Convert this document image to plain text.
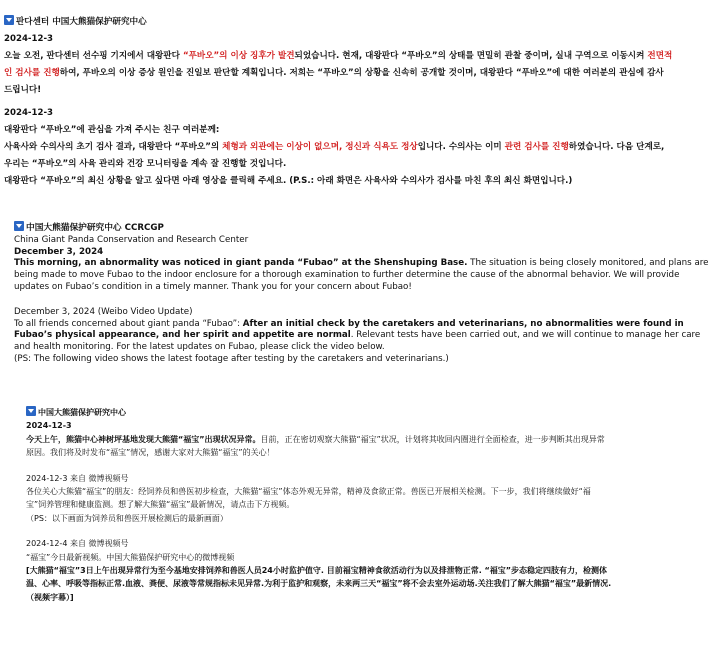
판다센터 中国大熊猫保护研究中心
2024-12-3
오늘 오전, 판다센터 선수핑 기지에서 대왕판다 “푸바오”의 이상 징후가 발견되었습니다. 현재, 대왕판다 “푸바오”의 상태를 면밀히 관찰 중이며, 실내 구역으로 이동시켜 전면적
인 검사를 진행하여, 푸바오의 이상 증상 원인을 진일보 판단할 계획입니다. 저희는 “푸바오”의 상황을 신속히 공개할 것이며, 대왕판다 “푸바오”에 대한 여러분의 관심에 감사
드립니다!
2024-12-3
대왕판다 “푸바오”에 관심을 가져 주시는 친구 여러분께:
사육사와 수의사의 초기 검사 결과, 대왕판다 “푸바오”의 체형과 외관에는 이상이 없으며, 정신과 식욕도 정상입니다. 수의사는 이미 관련 검사를 진행하였습니다. 다음 단계로,
우리는 “푸바오”의 사육 관리와 건강 모니터링을 계속 잘 진행할 것입니다.
대왕판다 “푸바오”의 최신 상황을 알고 싶다면 아래 영상을 클릭해 주세요. (P.S.: 아래 화면은 사육사와 수의사가 검사를 마친 후의 최신 화면입니다.)
中国大熊猫保护研究中心 CCRCGP
China Giant Panda Conservation and Research Center
December 3, 2024
This morning, an abnormality was noticed in giant panda “Fubao” at the Shenshuping Base. The situation is being closely monitored, and plans are
being made to move Fubao to the indoor enclosure for a thorough examination to further determine the cause of the abnormal behavior. We will provide
updates on Fubao’s condition in a timely manner. Thank you for your concern about Fubao!
December 3, 2024 (Weibo Video Update)
To all friends concerned about giant panda “Fubao”: After an initial check by the caretakers and veterinarians, no abnormalities were found in
Fubao’s physical appearance, and her spirit and appetite are normal. Relevant tests have been carried out, and we will continue to manage her care
and health monitoring. For the latest updates on Fubao, please click the video below.
(PS: The following video shows the latest footage after testing by the caretakers and veterinarians.)
中国大熊猫保护研究中心
2024-12-3
今天上午，熊猫中心神树坪基地发现大熊猫“福宝”出现状况异常。目前，正在密切观察大熊猫“福宝”状况，计划将其收回内圈进行全面检查，进一步判断其出现异常
原因。我们将及时发布“福宝”情况，感谢大家对大熊猫“福宝”的关心！
2024-12-3 来自 微博视频号
各位关心大熊猫“福宝”的朋友：经饲养员和兽医初步检查，大熊猫“福宝”体态外观无异常，精神及食欲正常。兽医已开展相关检测。下一步，我们将继续做好“福
宝”饲养管理和健康监测。想了解大熊猫“福宝”最新情况，请点击下方视频。
（PS：以下画面为饲养员和兽医开展检测后的最新画面）
2024-12-4 来自 微博视频号
“福宝”今日最新视频。中国大熊猫保护研究中心的微博视频
[大熊猫“福宝”3日上午出现异常行为至今基地安排饲养和兽医人员24小时监护值守. 目前福宝精神食欲活动行为以及排泄物正常. “福宝”步态稳定四肢有力，检测体
温、心率、呼吸等指标正常.血液、粪便、尿液等常规指标未见异常.为利于监护和观察，未来两三天“福宝”将不会去室外运动场.关注我们了解大熊猫“福宝”最新情况.
（视频字幕）]
